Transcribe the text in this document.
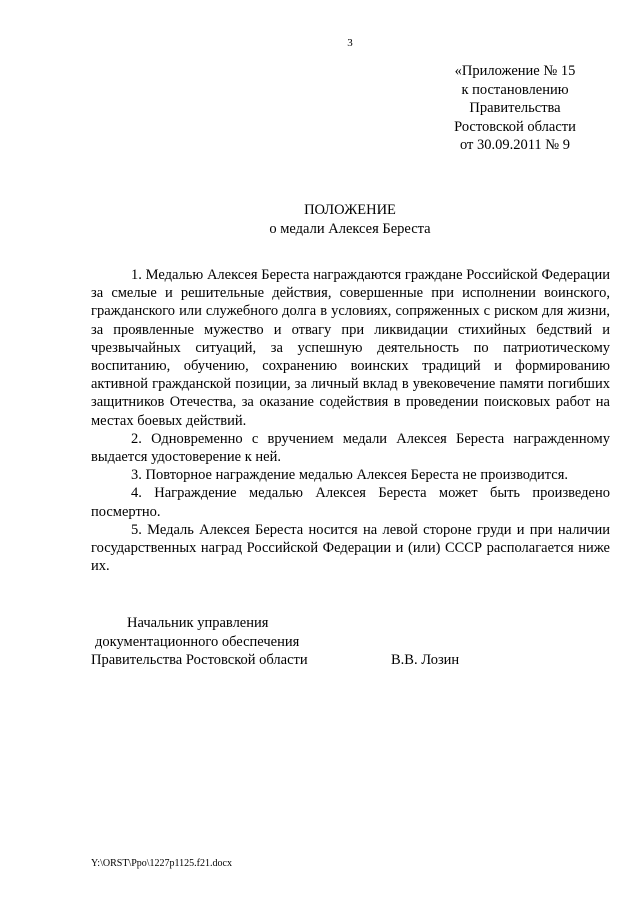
3
«Приложение № 15
к постановлению
Правительства
Ростовской области
от 30.09.2011 № 9
ПОЛОЖЕНИЕ
о медали Алексея Береста

1. Медалью Алексея Береста награждаются граждане Российской Федерации за смелые и решительные действия, совершенные при исполнении воинского, гражданского или служебного долга в условиях, сопряженных с риском для жизни, за проявленные мужество и отвагу при ликвидации стихийных бедствий и чрезвычайных ситуаций, за успешную деятельность по патриотическому воспитанию, обучению, сохранению воинских традиций и формированию активной гражданской позиции, за личный вклад в увековечение памяти погибших защитников Отечества, за оказание содействия в проведении поисковых работ на местах боевых действий.

2. Одновременно с вручением медали Алексея Береста награжденному выдается удостоверение к ней.

3. Повторное награждение медалью Алексея Береста не производится.

4. Награждение медалью Алексея Береста может быть произведено посмертно.

5. Медаль Алексея Береста носится на левой стороне груди и при наличии государственных наград Российской Федерации и (или) СССР располагается ниже их.

Начальник управления
документационного обеспечения
Правительства Ростовской области	В.В. Лозин
Y:\ORST\Ppo\1227p1125.f21.docx
